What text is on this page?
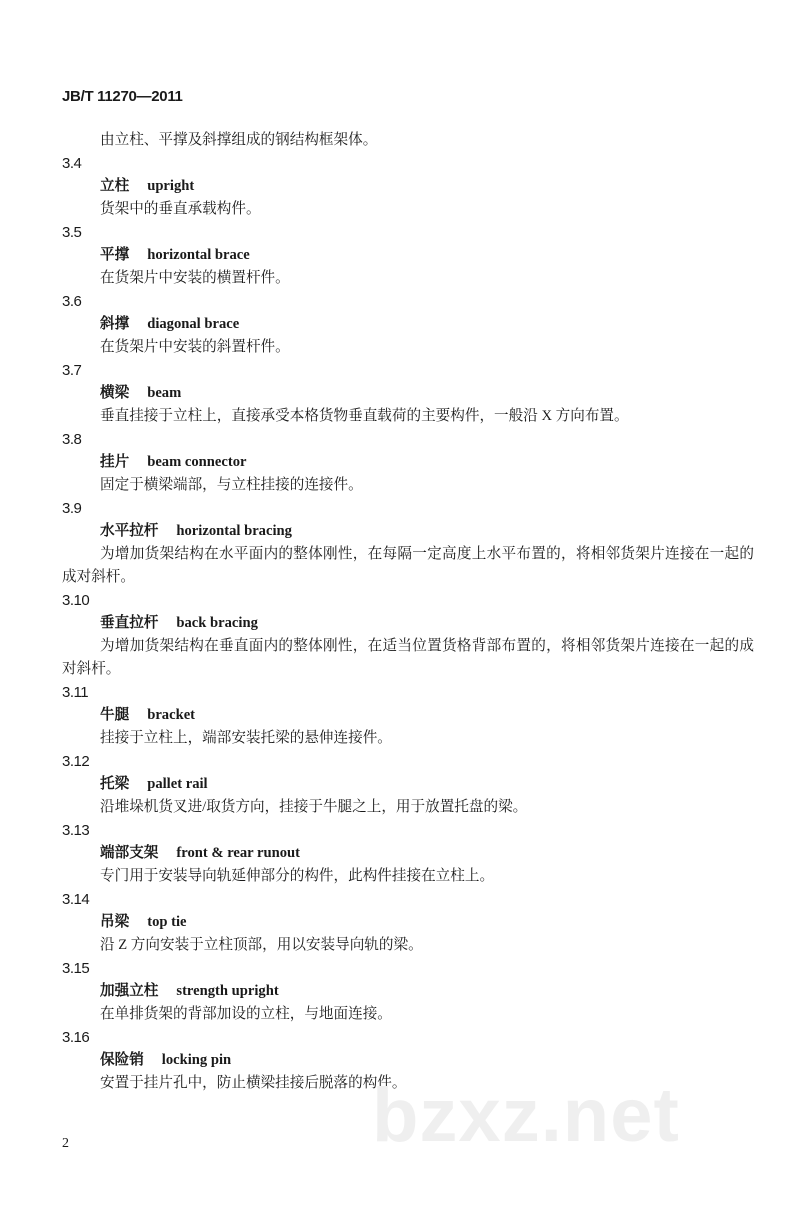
JB/T 11270—2011
由立柱、平撑及斜撑组成的钢结构框架体。
3.4
立柱 upright
货架中的垂直承载构件。
3.5
平撑 horizontal brace
在货架片中安装的横置杆件。
3.6
斜撑 diagonal brace
在货架片中安装的斜置杆件。
3.7
横梁 beam
垂直挂接于立柱上，直接承受本格货物垂直载荷的主要构件，一般沿 X 方向布置。
3.8
挂片 beam connector
固定于横梁端部，与立柱挂接的连接件。
3.9
水平拉杆 horizontal bracing
为增加货架结构在水平面内的整体刚性，在每隔一定高度上水平布置的，将相邻货架片连接在一起的成对斜杆。
3.10
垂直拉杆 back bracing
为增加货架结构在垂直面内的整体刚性，在适当位置货格背部布置的，将相邻货架片连接在一起的成对斜杆。
3.11
牛腿 bracket
挂接于立柱上，端部安装托梁的悬伸连接件。
3.12
托梁 pallet rail
沿堆垛机货叉进/取货方向，挂接于牛腿之上，用于放置托盘的梁。
3.13
端部支架 front & rear runout
专门用于安装导向轨延伸部分的构件，此构件挂接在立柱上。
3.14
吊梁 top tie
沿 Z 方向安装于立柱顶部，用以安装导向轨的梁。
3.15
加强立柱 strength upright
在单排货架的背部加设的立柱，与地面连接。
3.16
保险销 locking pin
安置于挂片孔中，防止横梁挂接后脱落的构件。
2	bzxz.net
